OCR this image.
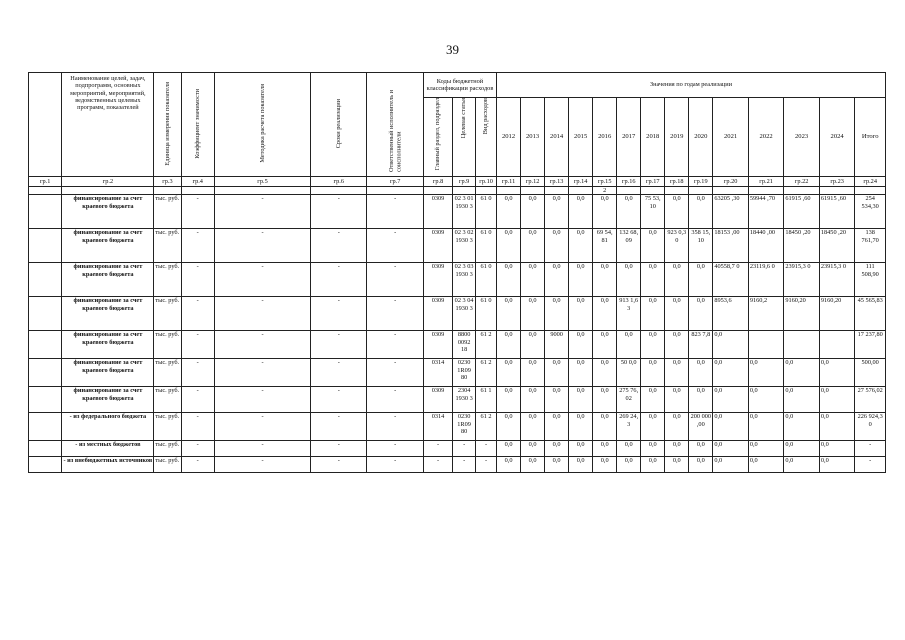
39
	Наименование целей, задач, подпрограмм, основных мероприятий, мероприятий, ведомственных целевых программ, показателей	Единица измерения показателя	Коэффициент значимости	Методика расчета показателя	Сроки реализации	Ответственный исполнитель и соисполнители	Коды бюджетной классификации расходов			Значения по годам реализации													
							Главный раздел, подраздел	Целевая статья	Вид расходов	2012	2013	2014	2015	2016	2017	2018	2019	2020	2021	2022	2023	2024	Итого
гр.1	гр.2	гр.3	гр.4	гр.5	гр.6	гр.7	гр.8	гр.9	гр.10	гр.11	гр.12	гр.13	гр.14	гр.15	гр.16	гр.17	гр.18	гр.19	гр.20	гр.21	гр.22	гр.23	гр.24
														2									
	финансирование за счет краевого бюджета	тыс. руб.	-	-	-	-	0309	02 3 01 1930 3	61 0	0,0	0,0	0,0	0,0	0,0	0,0	75 53, 10	0,0	0,0	63205 ,30	59944 ,70	61915 ,60	61915 ,60	254 534,30
	финансирование за счет краевого бюджета	тыс. руб.	-	-	-	-	0309	02 3 02 1930 3	61 0	0,0	0,0	0,0	0,0	69 54, 81	132 68, 09	0,0	923 0,3 0	358 15, 10	18153 ,00	18440 ,00	18450 ,20	18450 ,20	138 761,70
	финансирование за счет краевого бюджета	тыс. руб.	-	-	-	-	0309	02 3 03 1930 3	61 0	0,0	0,0	0,0	0,0	0,0	0,0	0,0	0,0	0,0	40558,7 0	23119,6 0	23915,3 0	23915,3 0	111 508,90
	финансирование за счет краевого бюджета	тыс. руб.	-	-	-	-	0309	02 3 04 1930 3	61 0	0,0	0,0	0,0	0,0	0,0	913 1,6 3	0,0	0,0	0,0	8953,6	9160,2	9160,20	9160,20	45 565,83
	финансирование за счет краевого бюджета	тыс. руб.	-	-	-	-	0309	8800 0092 18	61 2	0,0	0,0	9000	0,0	0,0	0,0	0,0	0,0	823 7,8	0,0				17 237,80
	финансирование за счет краевого бюджета	тыс. руб.	-	-	-	-	0314	0230 1R09 80	61 2	0,0	0,0	0,0	0,0	0,0	50 0,0	0,0	0,0	0,0	0,0	0,0	0,0	0,0	500,00
	финансирование за счет краевого бюджета	тыс. руб.	-	-	-	-	0309	2304 1930 3	61 1	0,0	0,0	0,0	0,0	0,0	275 76, 02	0,0	0,0	0,0	0,0	0,0	0,0	0,0	27 576,02
	- из федерального бюджета	тыс. руб.	-	-	-	-	0314	0230 1R09 80	61 2	0,0	0,0	0,0	0,0	0,0	269 24, 3	0,0	0,0	200 000 ,00	0,0	0,0	0,0	0,0	226 924,3 0
	- из местных бюджетов	тыс. руб.	-	-	-	-	-	-	-	0,0	0,0	0,0	0,0	0,0	0,0	0,0	0,0	0,0	0,0	0,0	0,0	0,0	-
	- из внебюджетных источников	тыс. руб.	-	-	-	-	-	-	-	0,0	0,0	0,0	0,0	0,0	0,0	0,0	0,0	0,0	0,0	0,0	0,0	0,0	-
